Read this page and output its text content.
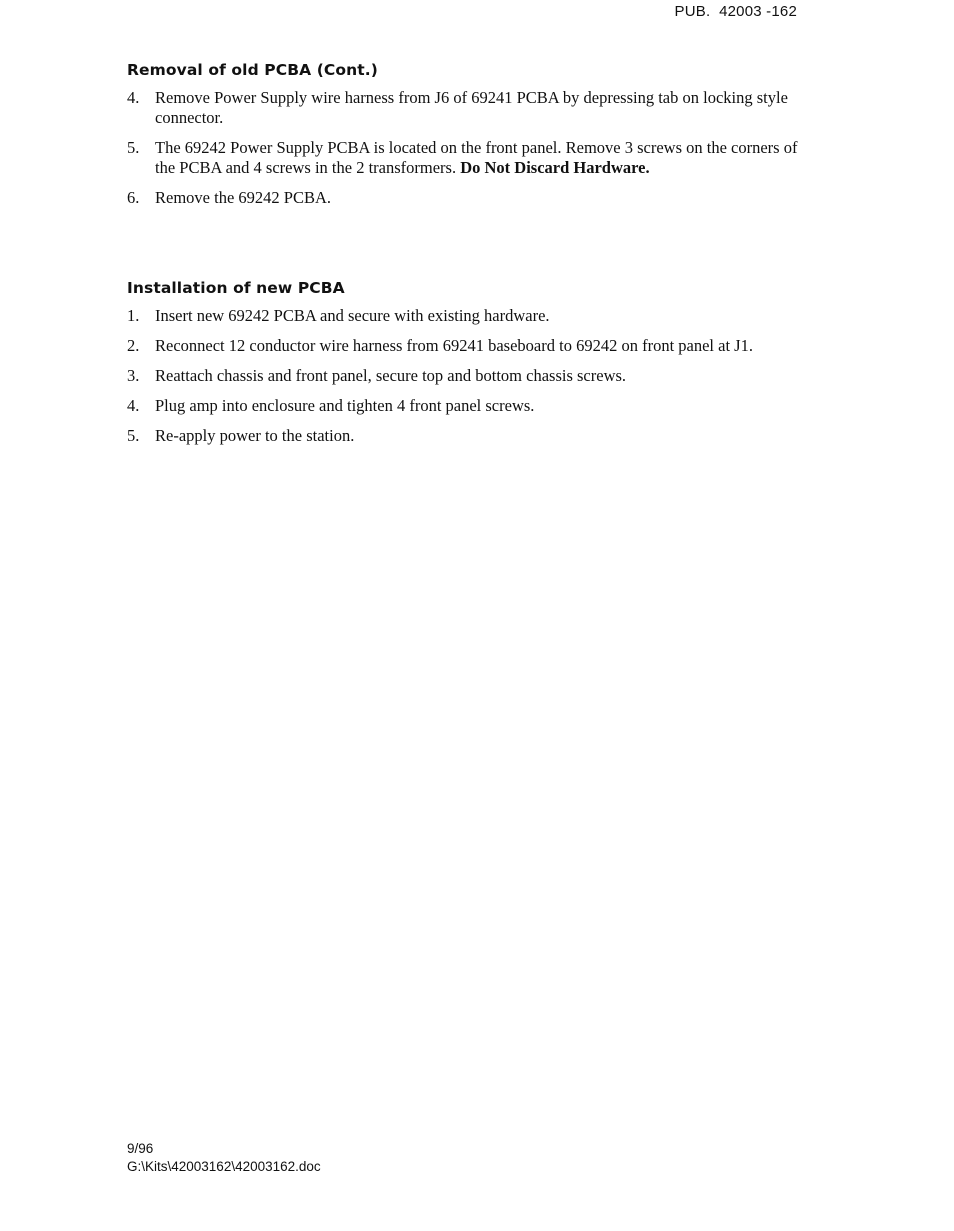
PUB.  42003 -162
Removal of old PCBA (Cont.)
4. Remove Power Supply wire harness from J6 of 69241 PCBA by depressing tab on locking style connector.
5. The 69242 Power Supply PCBA is located on the front panel. Remove 3 screws on the corners of the PCBA and 4 screws in the 2 transformers. Do Not Discard Hardware.
6. Remove the 69242 PCBA.
Installation of new PCBA
1. Insert new 69242 PCBA and secure with existing hardware.
2. Reconnect 12 conductor wire harness from 69241 baseboard to 69242 on front panel at J1.
3. Reattach chassis and front panel, secure top and bottom chassis screws.
4. Plug amp into enclosure and tighten 4 front panel screws.
5. Re-apply power to the station.
9/96
G:\Kits\42003162\42003162.doc
